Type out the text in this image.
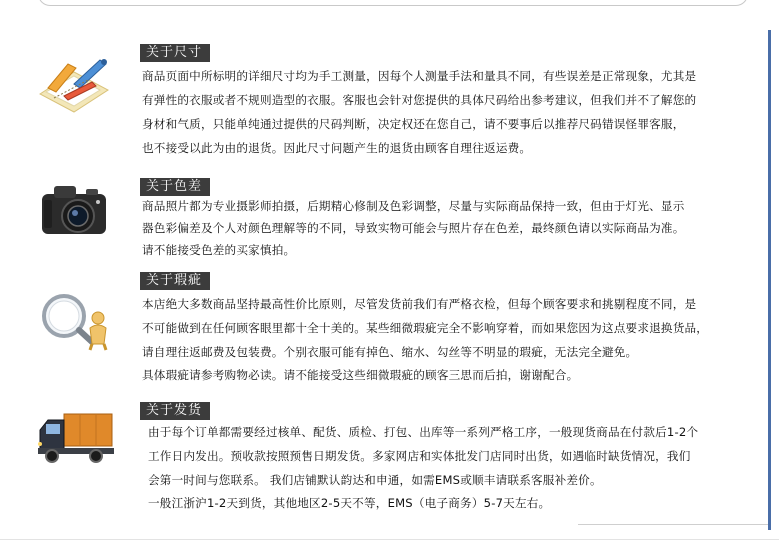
关于尺寸
商品页面中所标明的详细尺寸均为手工测量，因每个人测量手法和量具不同，有些误差是正常现象，尤其是
有弹性的衣服或者不规则造型的衣服。客服也会针对您提供的具体尺码给出参考建议，但我们并不了解您的
身材和气质，只能单纯通过提供的尺码判断，决定权还在您自己，请不要事后以推荐尺码错误怪罪客服，
也不接受以此为由的退货。因此尺寸问题产生的退货由顾客自理往返运费。
关于色差
商品照片都为专业摄影师拍摄，后期精心修制及色彩调整，尽量与实际商品保持一致，但由于灯光、显示
器色彩偏差及个人对颜色理解等的不同，导致实物可能会与照片存在色差，最终颜色请以实际商品为准。
请不能接受色差的买家慎拍。
关于瑕疵
本店绝大多数商品坚持最高性价比原则，尽管发货前我们有严格衣检，但每个顾客要求和挑剔程度不同，是
不可能做到在任何顾客眼里都十全十美的。某些细微瑕疵完全不影响穿着，而如果您因为这点要求退换货品，
请自理往返邮费及包装费。个别衣服可能有掉色、缩水、勾丝等不明显的瑕疵，无法完全避免。
具体瑕疵请参考购物必读。请不能接受这些细微瑕疵的顾客三思而后拍，谢谢配合。
关于发货
由于每个订单都需要经过核单、配货、质检、打包、出库等一系列严格工序，一般现货商品在付款后1-2个
工作日内发出。预收款按照预售日期发货。多家网店和实体批发门店同时出货，如遇临时缺货情况，我们
会第一时间与您联系。 我们店铺默认韵达和申通，如需EMS或顺丰请联系客服补差价。
一般江浙沪1-2天到货，其他地区2-5天不等，EMS（电子商务）5-7天左右。
